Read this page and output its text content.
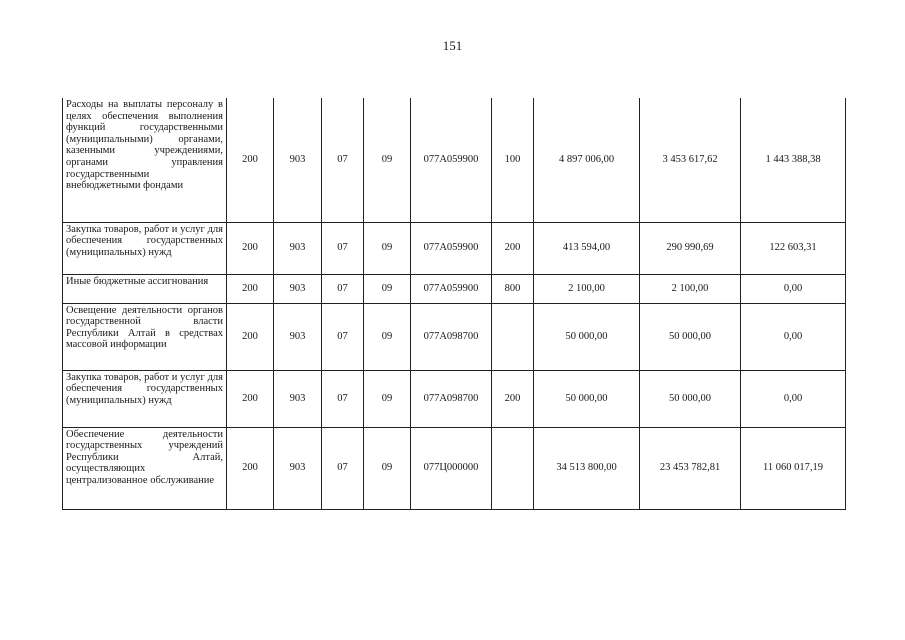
151
Расходы на выплаты персоналу в целях обеспечения выполнения функций государственными (муниципальными) органами, казенными учреждениями, органами управления государственными внебюджетными фондами	200	903	07	09	077А059900	100	4 897 006,00	3 453 617,62	1 443 388,38
Закупка товаров, работ и услуг для обеспечения государственных (муниципальных) нужд	200	903	07	09	077А059900	200	413 594,00	290 990,69	122 603,31
Иные бюджетные ассигнования	200	903	07	09	077А059900	800	2 100,00	2 100,00	0,00
Освещение деятельности органов государственной власти Республики Алтай в средствах массовой информации	200	903	07	09	077А098700		50 000,00	50 000,00	0,00
Закупка товаров, работ и услуг для обеспечения государственных (муниципальных) нужд	200	903	07	09	077А098700	200	50 000,00	50 000,00	0,00
Обеспечение деятельности государственных учреждений Республики Алтай, осуществляющих централизованное обслуживание	200	903	07	09	077Ц000000		34 513 800,00	23 453 782,81	11 060 017,19
